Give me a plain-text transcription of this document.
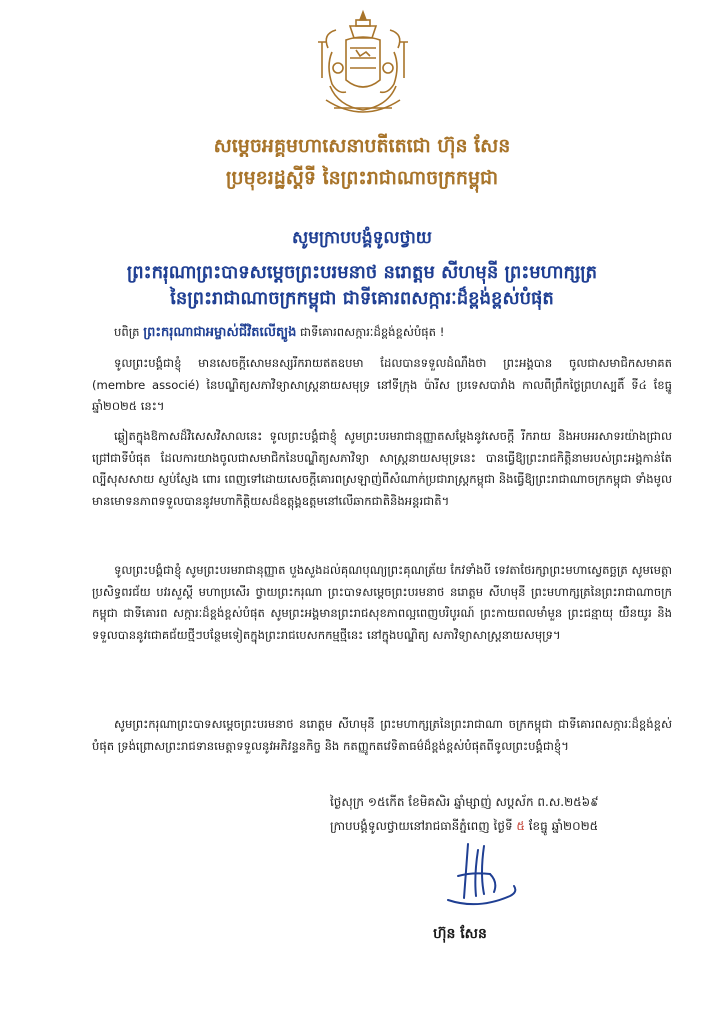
សម្តេចអគ្គមហាសេនាបតីតេជោ ហ៊ុន សែន
ប្រមុខរដ្ឋស្តីទី នៃព្រះរាជាណាចក្រកម្ពុជា
សូមក្រាបបង្គំទូលថ្វាយ
ព្រះករុណាព្រះបាទសម្តេចព្រះបរមនាថ នរោត្តម សីហមុនី ព្រះមហាក្សត្រ
នៃព្រះរាជាណាចក្រកម្ពុជា ជាទីគោរពសក្ការៈដ៏ខ្ពង់ខ្ពស់បំផុត
បពិត្រ ព្រះករុណាជាអម្ចាស់ជីវិតលើត្បូង ជាទីគោរពសក្ការៈដ៏ខ្ពង់ខ្ពស់បំផុត !
ទូលព្រះបង្គំជាខ្ញុំ មានសេចក្តីសោមនស្សរីករាយឥតឧបមា ដែលបានទទួលដំណឹងថា ព្រះអង្គបាន ចូលជាសមាជិកសមាគត (membre associé) នៃបណ្ឌិត្យសភាវិទ្យាសាស្ត្រនាយសមុទ្រ នៅទីក្រុង ប៉ារីស ប្រទេសបារាំង កាលពីព្រឹកថ្ងៃព្រហស្បតិ៍ ទី៤ ខែធ្នូ ឆ្នាំ២០២៥ នេះ។
ឆ្លៀតក្នុងឱកាសដ៏វិសេសវិសាលនេះ ទូលព្រះបង្គំជាខ្ញុំ សូមព្រះបរមរាជានុញ្ញាតសម្តែងនូវសេចក្តី រីករាយ និងអបអរសាទរយ៉ាងជ្រាលជ្រៅជាទីបំផុត ដែលការយាងចូលជាសមាជិកនៃបណ្ឌិត្យសភាវិទ្យា សាស្ត្រនាយសមុទ្រនេះ បានធ្វើឱ្យព្រះរាជកិត្តិនាមរបស់ព្រះអង្គកាន់តែល្បីសុសសាយ ស្ញប់ស្ញែង ពោរ ពេញទៅដោយសេចក្តីគោរពស្រឡាញ់ពីសំណាក់ប្រជារាស្ត្រកម្ពុជា និងធ្វើឱ្យព្រះរាជាណាចក្រកម្ពុជា ទាំងមូល មានមោទនភាពទទួលបាននូវមហាកិត្តិយសដ៏ឧត្តុង្គឧត្តមនៅលើឆាកជាតិនិងអន្តរជាតិ។
ទូលព្រះបង្គំជាខ្ញុំ សូមព្រះបរមរាជានុញ្ញាត បួងសួងដល់គុណបុណ្យព្រះគុណត្រ័យ កែវទាំងបី ទេវតាថែរក្សាព្រះមហាស្វេតច្ឆត្រ សូមមេត្តាប្រសិទ្ធពរជ័យ បវរសួស្តី មហាប្រសើរ ថ្វាយព្រះករុណា ព្រះបាទសម្តេចព្រះបរមនាថ នរោត្តម សីហមុនី ព្រះមហាក្សត្រនៃព្រះរាជាណាចក្រកម្ពុជា ជាទីគោរព សក្ការៈដ៏ខ្ពង់ខ្ពស់បំផុត សូមព្រះអង្គមានព្រះរាជសុខភាពល្អពេញបរិបូរណ៍ ព្រះកាយពលមាំមួន ព្រះជន្មាយុ យឺនយូរ និងទទួលបាននូវជោគជ័យថ្មីៗបន្ថែមទៀតក្នុងព្រះរាជបេសកកម្មថ្មីនេះ នៅក្នុងបណ្ឌិត្យ សភាវិទ្យាសាស្ត្រនាយសមុទ្រ។
សូមព្រះករុណាព្រះបាទសម្តេចព្រះបរមនាថ នរោត្តម សីហមុនី ព្រះមហាក្សត្រនៃព្រះរាជាណា ចក្រកម្ពុជា ជាទីគោរពសក្ការៈដ៏ខ្ពង់ខ្ពស់បំផុត ទ្រង់ព្រោសព្រះរាជទានមេត្តាទទួលនូវអភិវន្ទនកិច្ច និង កតញ្ញូកតវេទិតាធម៌ដ៏ខ្ពង់ខ្ពស់បំផុតពីទូលព្រះបង្គំជាខ្ញុំ។
ថ្ងៃសុក្រ ១៥កើត ខែមិគសិរ ឆ្នាំម្សាញ់ សប្តស័ក ព.ស.២៥៦៩
ក្រាបបង្គំទូលថ្វាយនៅរាជធានីភ្នំពេញ ថ្ងៃទី ៥ ខែធ្នូ ឆ្នាំ២០២៥
ហ៊ុន សែន
